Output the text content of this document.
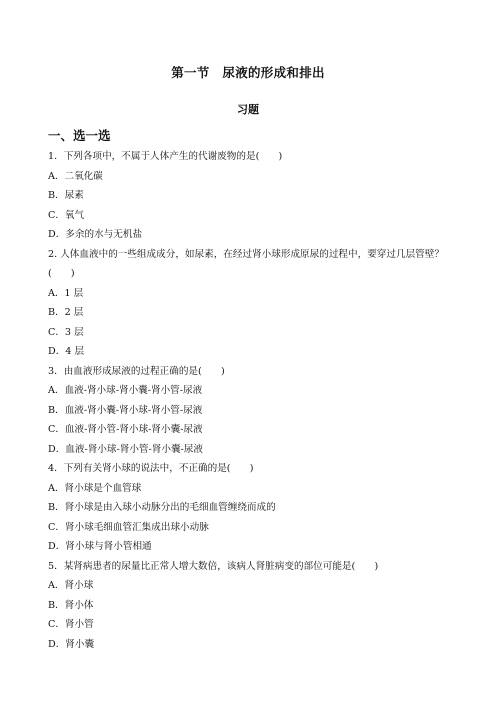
第一节　尿液的形成和排出
习题
一、选一选
1．下列各项中，不属于人体产生的代谢废物的是(　　)
A．二氧化碳
B．尿素
C．氧气
D．多余的水与无机盐
2. 人体血液中的一些组成成分，如尿素，在经过肾小球形成原尿的过程中，要穿过几层管壁？
(　　)
A．1 层
B．2 层
C．3 层
D．4 层
3．由血液形成尿液的过程正确的是(　　)
A．血液-肾小球-肾小囊-肾小管-尿液
B．血液-肾小囊-肾小球-肾小管-尿液
C．血液-肾小管-肾小球-肾小囊-尿液
D．血液-肾小球-肾小管-肾小囊-尿液
4．下列有关肾小球的说法中，不正确的是(　　)
A．肾小球是个血管球
B．肾小球是由入球小动脉分出的毛细血管缠绕而成的
C．肾小球毛细血管汇集成出球小动脉
D．肾小球与肾小管相通
5．某肾病患者的尿量比正常人增大数倍，该病人肾脏病变的部位可能是(　　)
A．肾小球
B．肾小体
C．肾小管
D．肾小囊
